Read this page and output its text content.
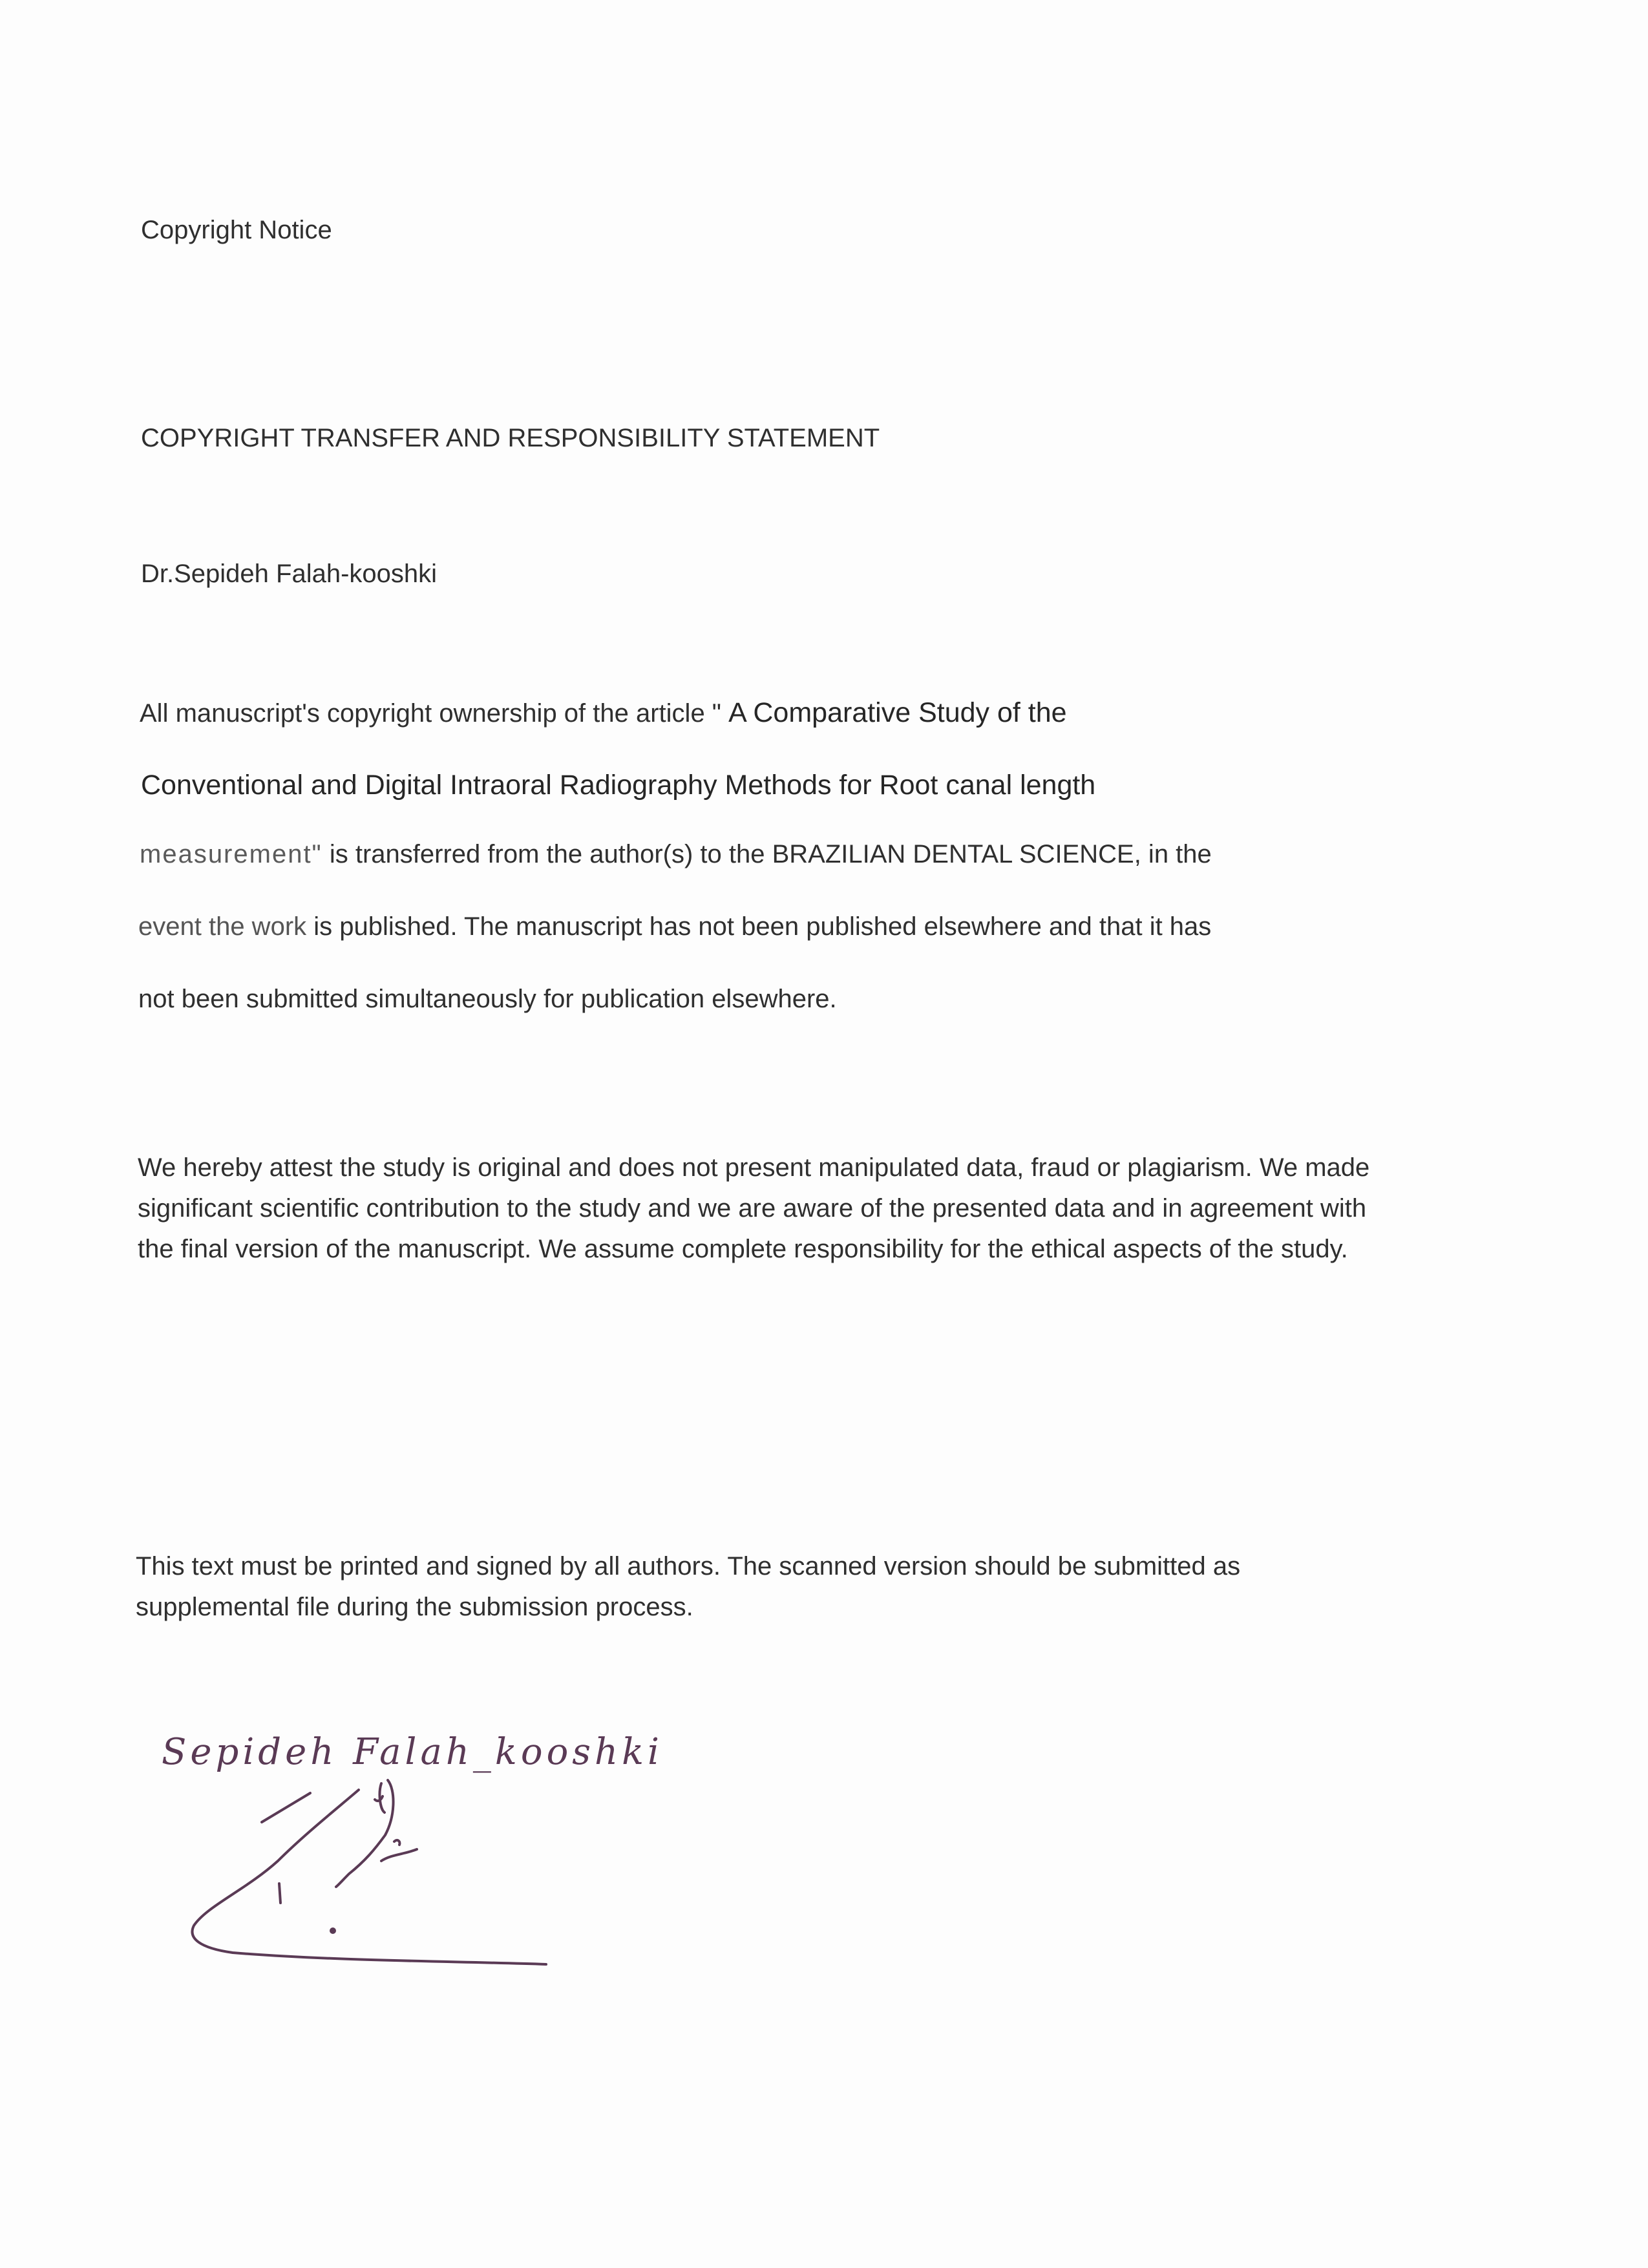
Copyright Notice

COPYRIGHT TRANSFER AND RESPONSIBILITY STATEMENT

Dr.Sepideh Falah-kooshki

All manuscript's copyright ownership of the article " A Comparative Study of the

Conventional and Digital Intraoral Radiography Methods for Root canal length

measurement" is transferred from the author(s) to the BRAZILIAN DENTAL SCIENCE, in the

event the work is published. The manuscript has not been published elsewhere and that it has

not been submitted simultaneously for publication elsewhere.

We hereby attest the study is original and does not present manipulated data, fraud or plagiarism. We made significant scientific contribution to the study and we are aware of the presented data and in agreement with the final version of the manuscript. We assume complete responsibility for the ethical aspects of the study.

This text must be printed and signed by all authors. The scanned version should be submitted as supplemental file during the submission process.

Sepideh Falah_kooshki
